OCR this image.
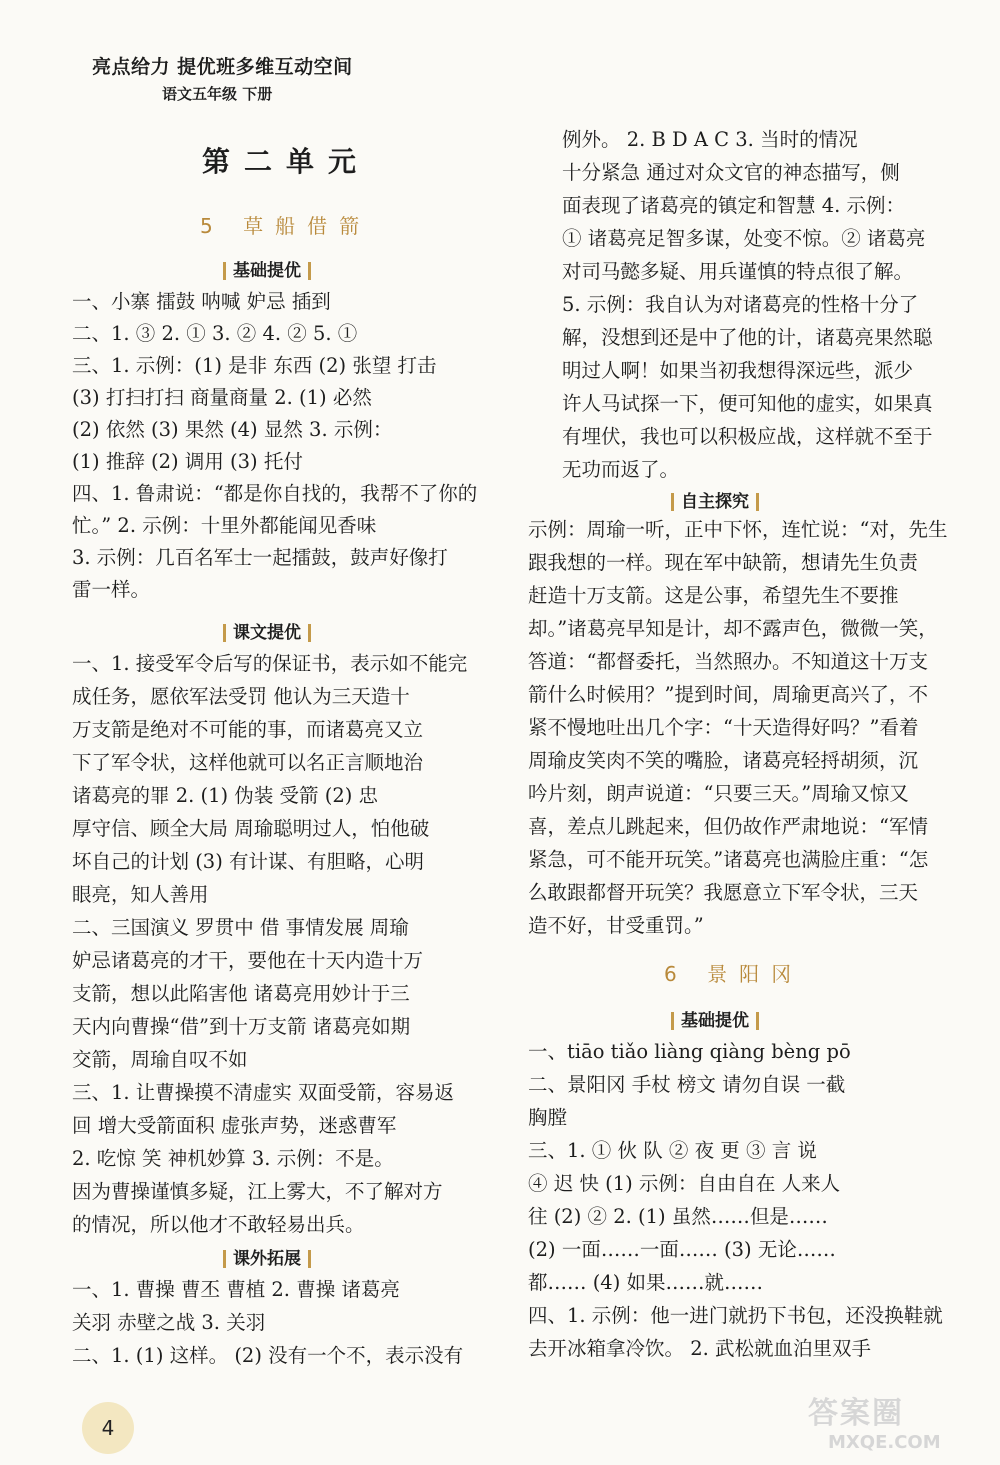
亮点给力 提优班多维互动空间
语文五年级 下册
第二单元
5 草船借箭
基础提优
一、小寨 擂鼓 呐喊 妒忌 插到
二、1. ③ 2. ① 3. ② 4. ② 5. ①
三、1. 示例：(1) 是非 东西 (2) 张望 打击
(3) 打扫打扫 商量商量 2. (1) 必然
(2) 依然 (3) 果然 (4) 显然 3. 示例：
(1) 推辞 (2) 调用 (3) 托付
四、1. 鲁肃说：“都是你自找的，我帮不了你的
忙。” 2. 示例：十里外都能闻见香味
3. 示例：几百名军士一起擂鼓，鼓声好像打
雷一样。
课文提优
一、1. 接受军令后写的保证书，表示如不能完
成任务，愿依军法受罚 他认为三天造十
万支箭是绝对不可能的事，而诸葛亮又立
下了军令状，这样他就可以名正言顺地治
诸葛亮的罪 2. (1) 伪装 受箭 (2) 忠
厚守信、顾全大局 周瑜聪明过人，怕他破
坏自己的计划 (3) 有计谋、有胆略，心明
眼亮，知人善用
二、三国演义 罗贯中 借 事情发展 周瑜
妒忌诸葛亮的才干，要他在十天内造十万
支箭，想以此陷害他 诸葛亮用妙计于三
天内向曹操“借”到十万支箭 诸葛亮如期
交箭，周瑜自叹不如
三、1. 让曹操摸不清虚实 双面受箭，容易返
回 增大受箭面积 虚张声势，迷惑曹军
2. 吃惊 笑 神机妙算 3. 示例：不是。
因为曹操谨慎多疑，江上雾大，不了解对方
的情况，所以他才不敢轻易出兵。
课外拓展
一、1. 曹操 曹丕 曹植 2. 曹操 诸葛亮
关羽 赤壁之战 3. 关羽
二、1. (1) 这样。 (2) 没有一个不，表示没有
例外。 2. B D A C 3. 当时的情况
十分紧急 通过对众文官的神态描写，侧
面表现了诸葛亮的镇定和智慧 4. 示例：
① 诸葛亮足智多谋，处变不惊。② 诸葛亮
对司马懿多疑、用兵谨慎的特点很了解。
5. 示例：我自认为对诸葛亮的性格十分了
解，没想到还是中了他的计，诸葛亮果然聪
明过人啊！如果当初我想得深远些，派少
许人马试探一下，便可知他的虚实，如果真
有埋伏，我也可以积极应战，这样就不至于
无功而返了。
自主探究
示例：周瑜一听，正中下怀，连忙说：“对，先生
跟我想的一样。现在军中缺箭，想请先生负责
赶造十万支箭。这是公事，希望先生不要推
却。”诸葛亮早知是计，却不露声色，微微一笑，
答道：“都督委托，当然照办。不知道这十万支
箭什么时候用？”提到时间，周瑜更高兴了，不
紧不慢地吐出几个字：“十天造得好吗？”看着
周瑜皮笑肉不笑的嘴脸，诸葛亮轻捋胡须，沉
吟片刻，朗声说道：“只要三天。”周瑜又惊又
喜，差点儿跳起来，但仍故作严肃地说：“军情
紧急，可不能开玩笑。”诸葛亮也满脸庄重：“怎
么敢跟都督开玩笑？我愿意立下军令状，三天
造不好，甘受重罚。”
6 景阳冈
基础提优
一、tiāo tiǎo liàng qiàng bèng pō
二、景阳冈 手杖 榜文 请勿自误 一截
胸膛
三、1. ① 伙 队 ② 夜 更 ③ 言 说
④ 迟 快 (1) 示例：自由自在 人来人
往 (2) ② 2. (1) 虽然……但是……
(2) 一面……一面…… (3) 无论……
都…… (4) 如果……就……
四、1. 示例：他一进门就扔下书包，还没换鞋就
去开冰箱拿冷饮。 2. 武松就血泊里双手
4	答案圈
MXQE.COM
